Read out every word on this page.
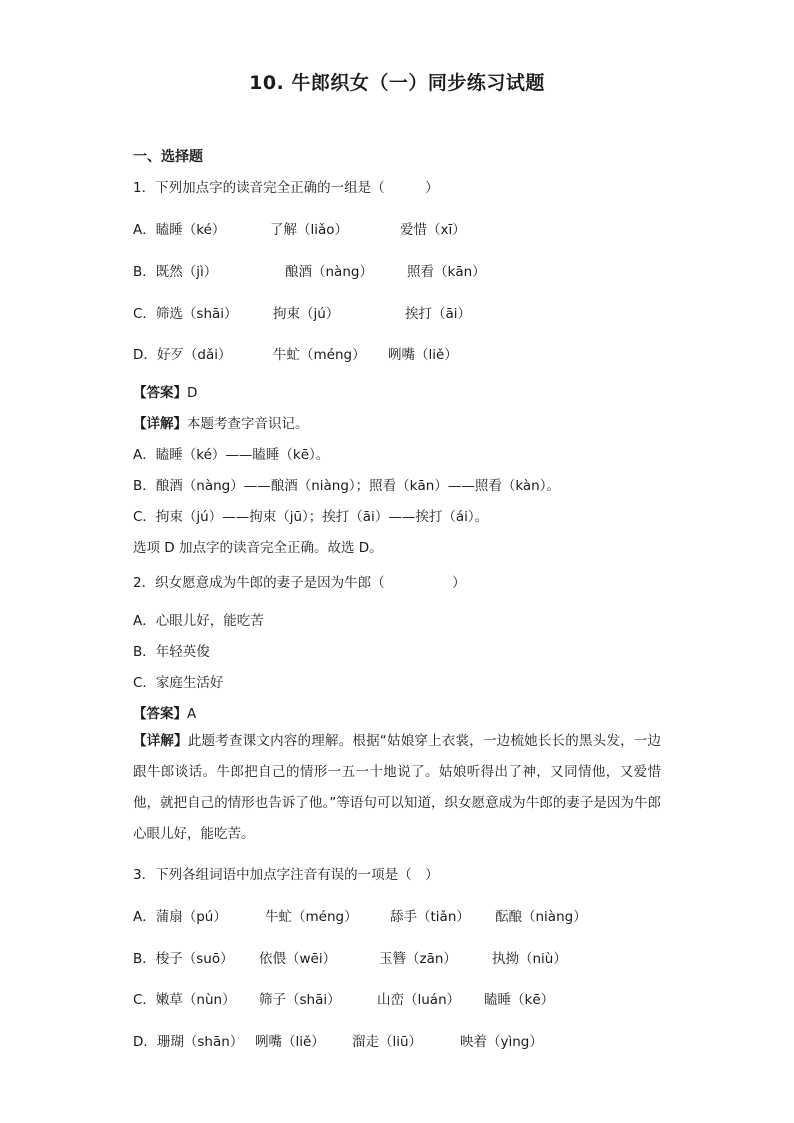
10. 牛郎织女（一）同步练习试题
一、选择题
1．下列加点字的读音完全正确的一组是（　　　）
A．瞌睡（ké）	了解（liǎo）	爱惜（xī）
B．既然（jì）	酿酒（nàng）	照看（kān）
C．筛选（shāi）	拘束（jú）	挨打（āi）
D．好歹（dǎi）	牛虻（méng） 咧嘴（liě）
【答案】D
【详解】本题考查字音识记。
A．瞌睡（ké）——瞌睡（kē）。
B．酿酒（nàng）——酿酒（niàng）；照看（kān）——照看（kàn）。
C．拘束（jú）——拘束（jū）；挨打（āi）——挨打（ái）。
选项 D 加点字的读音完全正确。故选 D。
2．织女愿意成为牛郎的妻子是因为牛郎（　　　　　）
A．心眼儿好，能吃苦
B．年轻英俊
C．家庭生活好
【答案】A
【详解】此题考查课文内容的理解。根据“姑娘穿上衣裳，一边梳她长长的黑头发，一边跟牛郎谈话。牛郎把自己的情形一五一十地说了。姑娘听得出了神，又同情他，又爱惜他，就把自己的情形也告诉了他。”等语句可以知道，织女愿意成为牛郎的妻子是因为牛郎心眼儿好，能吃苦。
3．下列各组词语中加点字注音有误的一项是（　）
A．蒲扇（pú）	牛虻（méng） 舔手（tiǎn） 酝酿（niàng）
B．梭子（suō） 依偎（wēi）	玉簪（zān）	执拗（niù）
C．嫩草（nùn） 筛子（shāi）	山峦（luán） 瞌睡（kē）
D．珊瑚（shān） 咧嘴（liě） 溜走（liū）	映着（yìng）
